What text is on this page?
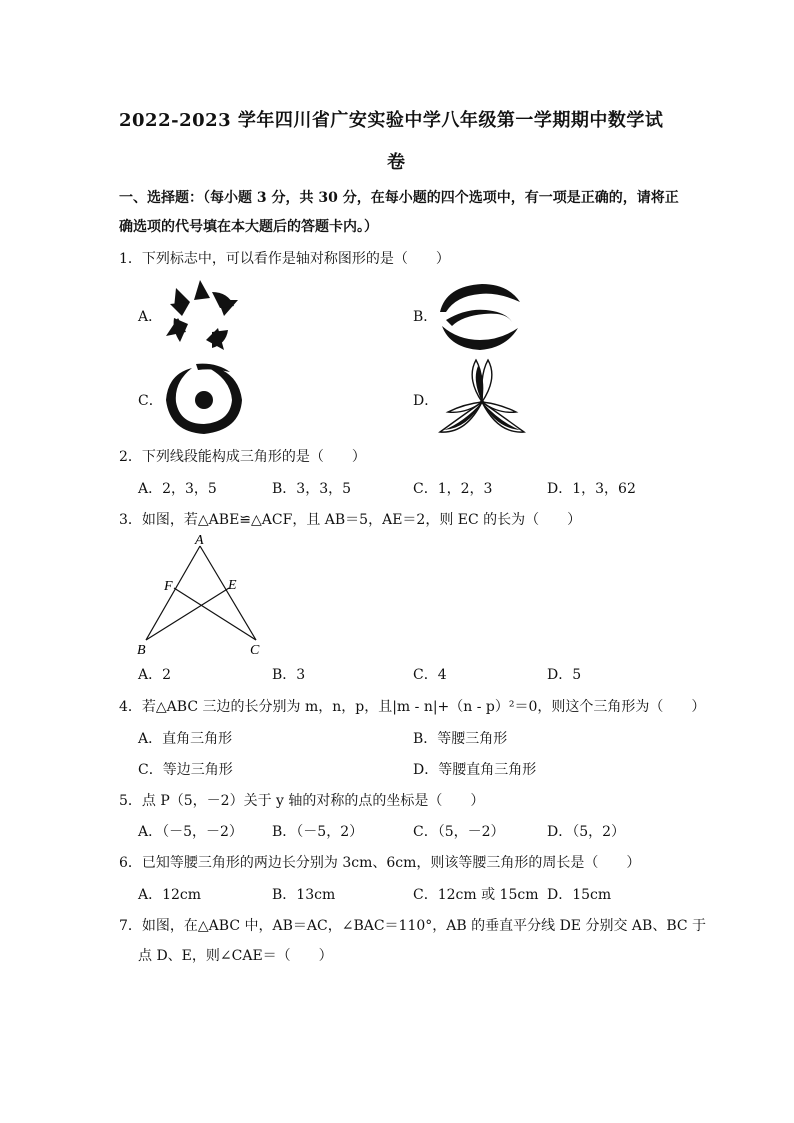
2022-2023 学年四川省广安实验中学八年级第一学期期中数学试
卷
一、选择题：（每小题 3 分，共 30 分，在每小题的四个选项中，有一项是正确的，请将正
确选项的代号填在本大题后的答题卡内。）
1．下列标志中，可以看作是轴对称图形的是（　　）
A．	B．
C．	D．
2．下列线段能构成三角形的是（　　）
A．2，3，5	B．3，3，5	C．1，2，3	D．1，3，62
3．如图，若△ABE≌△ACF，且 AB＝5，AE＝2，则 EC 的长为（　　）
A
F	E
B	C
A．2	B．3	C．4	D．5
4．若△ABC 三边的长分别为 m，n，p，且|m - n|+（n - p）²＝0，则这个三角形为（　　）
A．直角三角形	B．等腰三角形
C．等边三角形	D．等腰直角三角形
5．点 P（5，－2）关于 y 轴的对称的点的坐标是（　　）
A．（－5，－2） B．（－5，2）	C．（5，－2）	D．（5，2）
6．已知等腰三角形的两边长分别为 3cm、6cm，则该等腰三角形的周长是（　　）
A．12cm	B．13cm	C．12cm 或 15cm D．15cm
7．如图，在△ABC 中，AB＝AC，∠BAC＝110°，AB 的垂直平分线 DE 分别交 AB、BC 于
点 D、E，则∠CAE＝（　　）
